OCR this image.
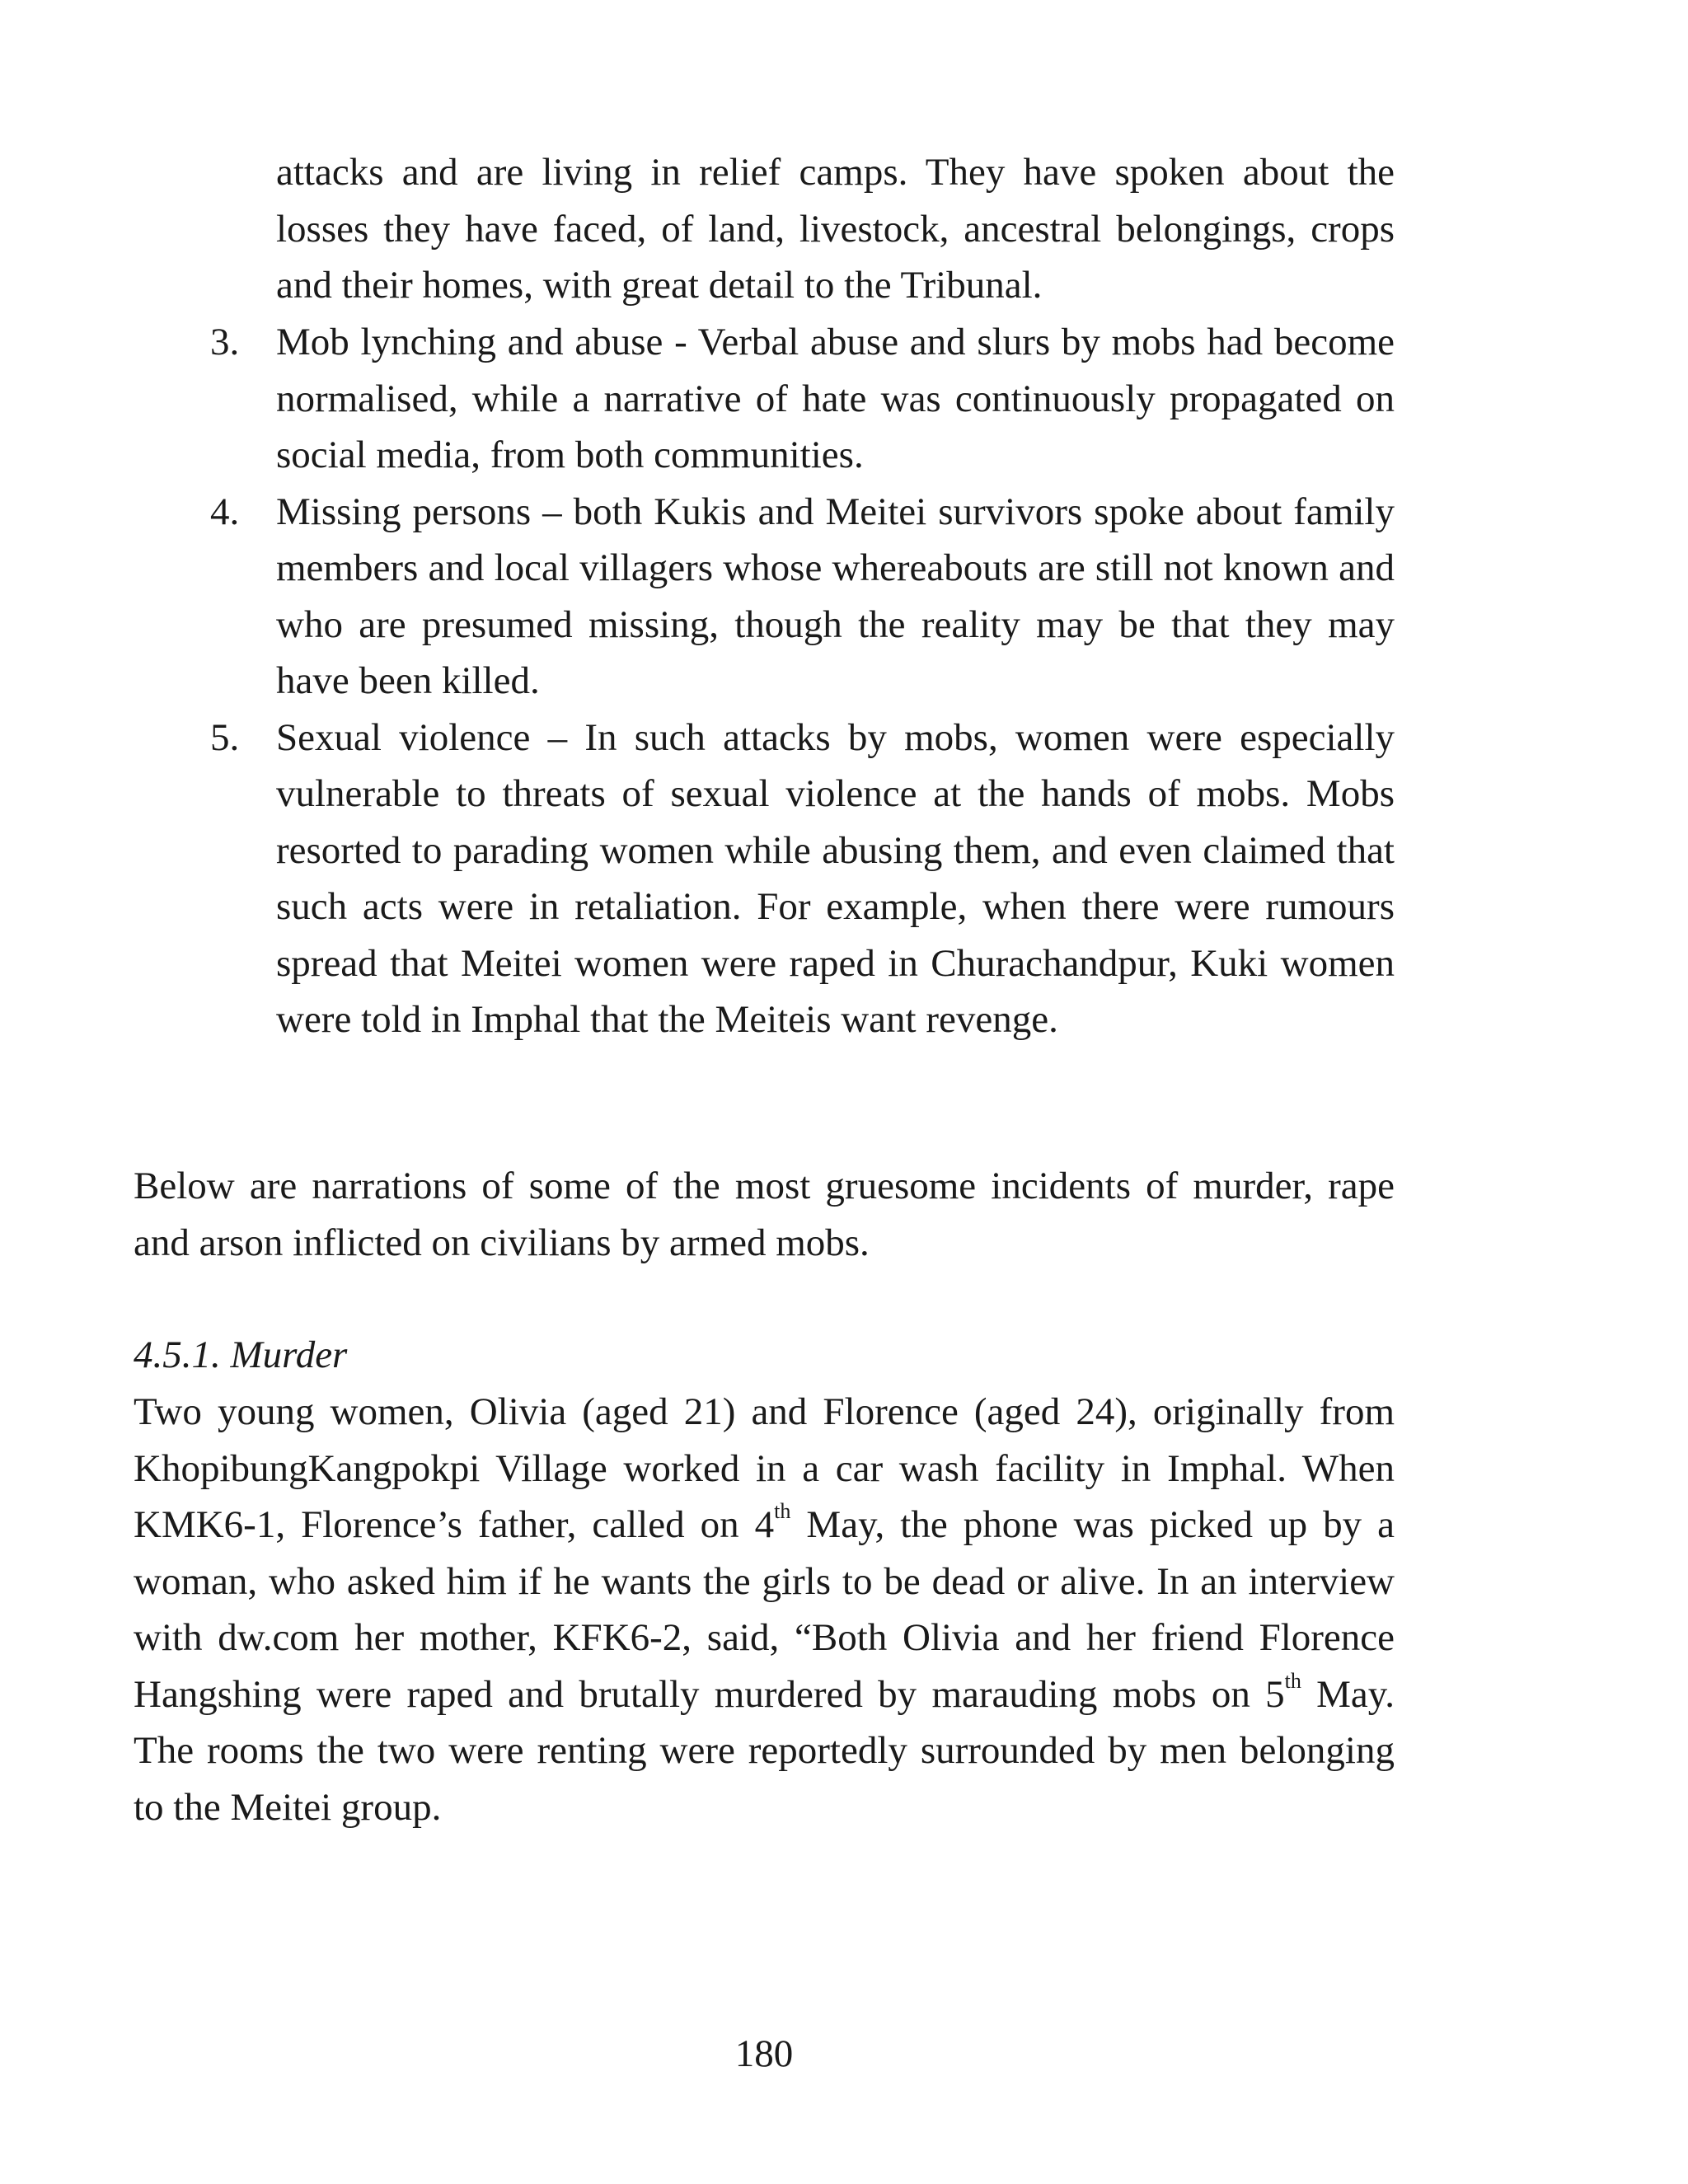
attacks and are living in relief camps. They have spoken about the losses they have faced, of land, livestock, ancestral belongings, crops and their homes, with great detail to the Tribunal.

3. Mob lynching and abuse - Verbal abuse and slurs by mobs had become normalised, while a narrative of hate was continuously propagated on social media, from both communities.
4. Missing persons – both Kukis and Meitei survivors spoke about family members and local villagers whose whereabouts are still not known and who are presumed missing, though the reality may be that they may have been killed.
5. Sexual violence – In such attacks by mobs, women were especially vulnerable to threats of sexual violence at the hands of mobs. Mobs resorted to parading women while abusing them, and even claimed that such acts were in retaliation. For example, when there were rumours spread that Meitei women were raped in Churachandpur, Kuki women were told in Imphal that the Meiteis want revenge.

Below are narrations of some of the most gruesome incidents of murder, rape and arson inflicted on civilians by armed mobs.

4.5.1. Murder

Two young women, Olivia (aged 21) and Florence (aged 24), originally from KhopibungKangpokpi Village worked in a car wash facility in Imphal. When KMK6-1, Florence’s father, called on 4th May, the phone was picked up by a woman, who asked him if he wants the girls to be dead or alive. In an interview with dw.com her mother, KFK6-2, said, “Both Olivia and her friend Florence Hangshing were raped and brutally murdered by marauding mobs on 5th May. The rooms the two were renting were reportedly surrounded by men belonging to the Meitei group.

180
